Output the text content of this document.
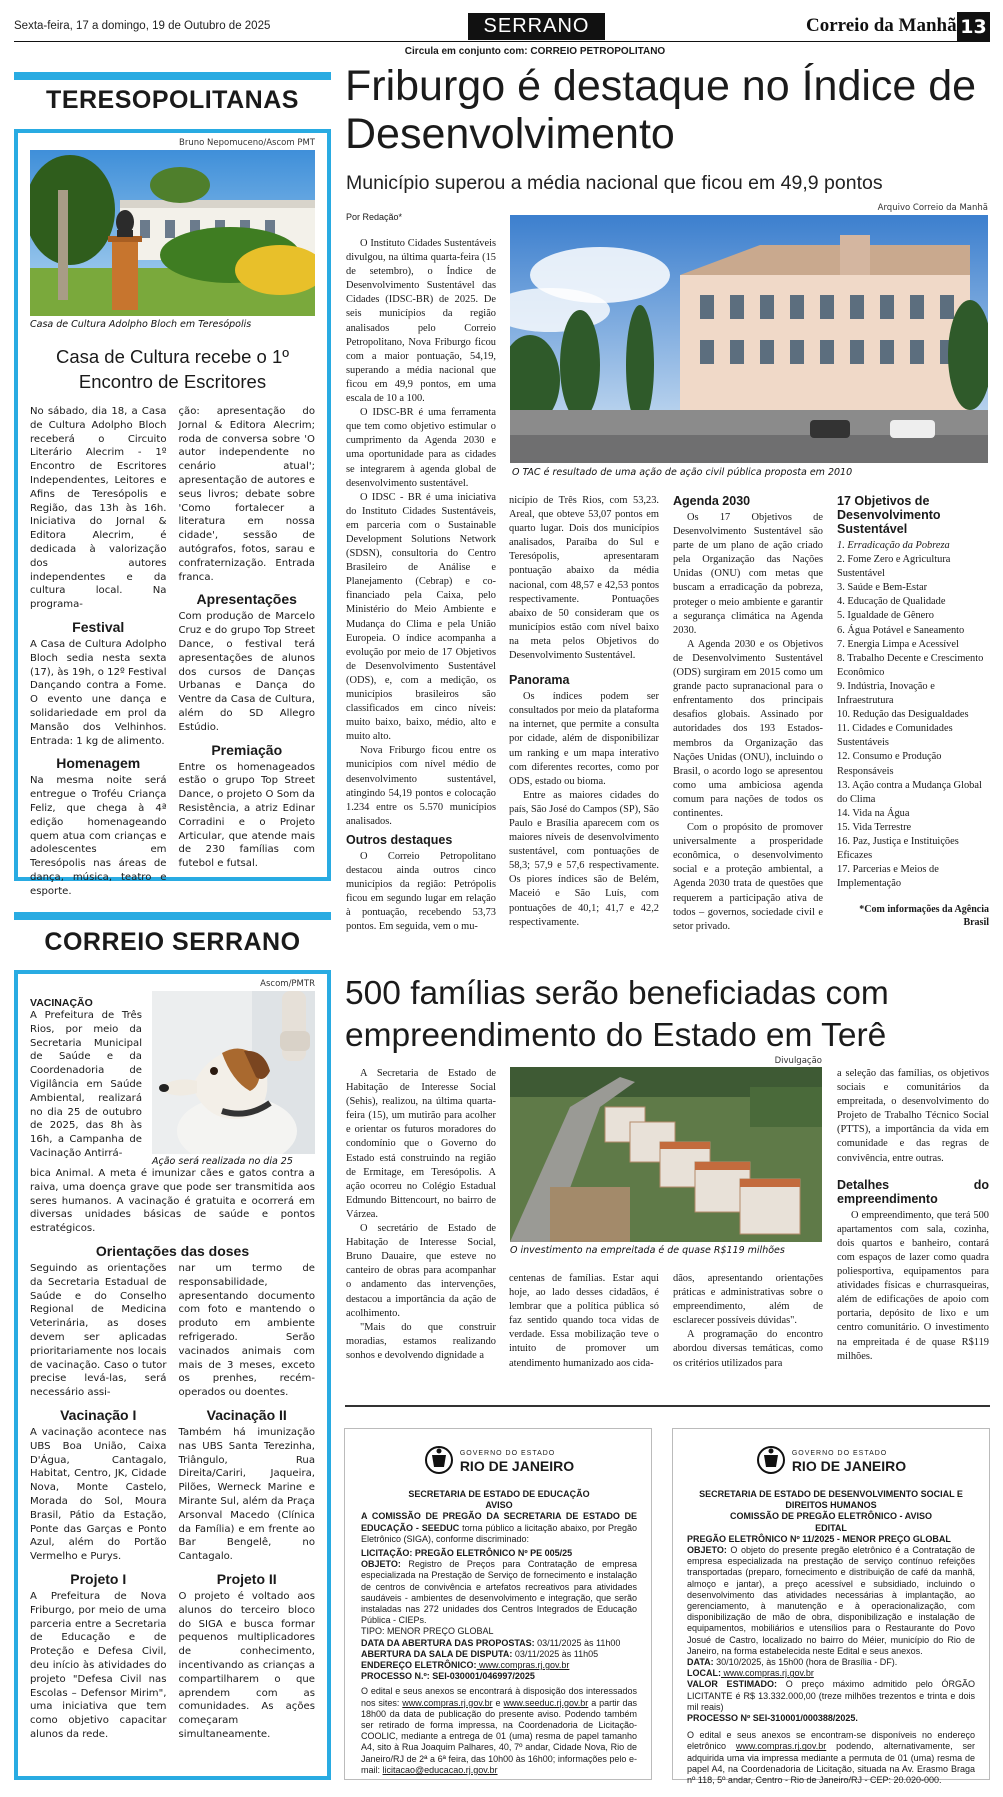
Sexta-feira, 17 a domingo, 19 de Outubro de 2025	SERRANO	Correio da Manhã 13
Circula em conjunto com: CORREIO PETROPOLITANO
TERESOPOLITANAS
Bruno Nepomuceno/Ascom PMT
Casa de Cultura Adolpho Bloch em Teresópolis
Casa de Cultura recebe o 1º Encontro de Escritores

No sábado, dia 18, a Casa de Cultura Adolpho Bloch receberá o Circuito Literário Alecrim - 1º Encontro de Escritores Independentes, Leitores e Afins de Teresópolis e Região, das 13h às 16h. Iniciativa do Jornal & Editora Alecrim, é dedicada à valorização dos autores independentes e da cultura local. Na programa-

Festival

A Casa de Cultura Adolpho Bloch sedia nesta sexta (17), às 19h, o 12º Festival Dançando contra a Fome. O evento une dança e solidariedade em prol da Mansão dos Velhinhos. Entrada: 1 kg de alimento.

Homenagem

Na mesma noite será entregue o Troféu Criança Feliz, que chega à 4ª edição homenageando quem atua com crianças e adolescentes em Teresópolis nas áreas de dança, música, teatro e esporte.

ção: apresentação do Jornal & Editora Alecrim; roda de conversa sobre 'O autor independente no cenário atual'; apresentação de autores e seus livros; debate sobre 'Como fortalecer a literatura em nossa cidade', sessão de autógrafos, fotos, sarau e confraternização. Entrada franca.

Apresentações

Com produção de Marcelo Cruz e do grupo Top Street Dance, o festival terá apresentações de alunos dos cursos de Danças Urbanas e Dança do Ventre da Casa de Cultura, além do SD Allegro Estúdio.

Premiação

Entre os homenageados estão o grupo Top Street Dance, o projeto O Som da Resistência, a atriz Edinar Corradini e o Projeto Articular, que atende mais de 230 famílias com futebol e futsal.

CORREIO SERRANO
Ascom/PMTR
VACINAÇÃO

A Prefeitura de Três Rios, por meio da Secretaria Municipal de Saúde e da Coordenadoria de Vigilância em Saúde Ambiental, realizará no dia 25 de outubro de 2025, das 8h às 16h, a Campanha de Vacinação Antirrá-

Ação será realizada no dia 25

bica Animal. A meta é imunizar cães e gatos contra a raiva, uma doença grave que pode ser transmitida aos seres humanos. A vacinação é gratuita e ocorrerá em diversas unidades básicas de saúde e pontos estratégicos.

Orientações das doses

Seguindo as orientações da Secretaria Estadual de Saúde e do Conselho Regional de Medicina Veterinária, as doses devem ser aplicadas prioritariamente nos locais de vacinação. Caso o tutor precise levá-las, será necessário assi-

Vacinação I

A vacinação acontece nas UBS Boa União, Caixa D'Água, Cantagalo, Habitat, Centro, JK, Cidade Nova, Monte Castelo, Morada do Sol, Moura Brasil, Pátio da Estação, Ponte das Garças e Ponto Azul, além do Portão Vermelho e Purys.

Projeto I

A Prefeitura de Nova Friburgo, por meio de uma parceria entre a Secretaria de Educação e de Proteção e Defesa Civil, deu início às atividades do projeto "Defesa Civil nas Escolas – Defensor Mirim", uma iniciativa que tem como objetivo capacitar alunos da rede.

nar um termo de responsabilidade, apresentando documento com foto e mantendo o produto em ambiente refrigerado. Serão vacinados animais com mais de 3 meses, exceto os prenhes, recém-operados ou doentes.

Vacinação II

Também há imunização nas UBS Santa Terezinha, Triângulo, Rua Direita/Cariri, Jaqueira, Pilões, Werneck Marine e Mirante Sul, além da Praça Arsonval Macedo (Clínica da Família) e em frente ao Bar Bengelê, no Cantagalo.

Projeto II

O projeto é voltado aos alunos do terceiro bloco do SIGA e busca formar pequenos multiplicadores de conhecimento, incentivando as crianças a compartilharem o que aprendem com as comunidades. As ações começaram simultaneamente.

Friburgo é destaque no Índice de Desenvolvimento
Município superou a média nacional que ficou em 49,9 pontos
Por Redação*
Arquivo Correio da Manhã
O TAC é resultado de uma ação de ação civil pública proposta em 2010

O Instituto Cidades Sustentáveis divulgou, na última quarta-feira (15 de setembro), o Índice de Desenvolvimento Sustentável das Cidades (IDSC-BR) de 2025. De seis municípios da região analisados pelo Correio Petropolitano, Nova Friburgo ficou com a maior pontuação, 54,19, superando a média nacional que ficou em 49,9 pontos, em uma escala de 10 a 100.

O IDSC-BR é uma ferramenta que tem como objetivo estimular o cumprimento da Agenda 2030 e uma oportunidade para as cidades se integrarem à agenda global de desenvolvimento sustentável.

O IDSC - BR é uma iniciativa do Instituto Cidades Sustentáveis, em parceria com o Sustainable Development Solutions Network (SDSN), consultoria do Centro Brasileiro de Análise e Planejamento (Cebrap) e co-financiado pela Caixa, pelo Ministério do Meio Ambiente e Mudança do Clima e pela União Europeia. O índice acompanha a evolução por meio de 17 Objetivos de Desenvolvimento Sustentável (ODS), e, com a medição, os municípios brasileiros são classificados em cinco níveis: muito baixo, baixo, médio, alto e muito alto.

Nova Friburgo ficou entre os municípios com nível médio de desenvolvimento sustentável, atingindo 54,19 pontos e colocação 1.234 entre os 5.570 municípios analisados.

Outros destaques

O Correio Petropolitano destacou ainda outros cinco municípios da região: Petrópolis ficou em segundo lugar em relação à pontuação, recebendo 53,73 pontos. Em seguida, vem o mu-

nicípio de Três Rios, com 53,23. Areal, que obteve 53,07 pontos em quarto lugar. Dois dos municípios analisados, Paraíba do Sul e Teresópolis, apresentaram pontuação abaixo da média nacional, com 48,57 e 42,53 pontos respectivamente. Pontuações abaixo de 50 consideram que os municípios estão com nível baixo na meta pelos Objetivos do Desenvolvimento Sustentável.

Panorama

Os índices podem ser consultados por meio da plataforma na internet, que permite a consulta por cidade, além de disponibilizar um ranking e um mapa interativo com diferentes recortes, como por ODS, estado ou bioma.

Entre as maiores cidades do país, São José do Campos (SP), São Paulo e Brasília aparecem com os maiores níveis de desenvolvimento sustentável, com pontuações de 58,3; 57,9 e 57,6 respectivamente. Os piores índices são de Belém, Maceió e São Luís, com pontuações de 40,1; 41,7 e 42,2 respectivamente.

Agenda 2030

Os 17 Objetivos de Desenvolvimento Sustentável são parte de um plano de ação criado pela Organização das Nações Unidas (ONU) com metas que buscam a erradicação da pobreza, proteger o meio ambiente e garantir a segurança climática na Agenda 2030.

A Agenda 2030 e os Objetivos de Desenvolvimento Sustentável (ODS) surgiram em 2015 como um grande pacto supranacional para o enfrentamento dos principais desafios globais. Assinado por autoridades dos 193 Estados-membros da Organização das Nações Unidas (ONU), incluindo o Brasil, o acordo logo se apresentou como uma ambiciosa agenda comum para nações de todos os continentes.

Com o propósito de promover universalmente a prosperidade econômica, o desenvolvimento social e a proteção ambiental, a Agenda 2030 trata de questões que requerem a participação ativa de todos – governos, sociedade civil e setor privado.

17 Objetivos de Desenvolvimento Sustentável

1. Erradicação da Pobreza

2. Fome Zero e Agricultura Sustentável

3. Saúde e Bem-Estar

4. Educação de Qualidade

5. Igualdade de Gênero

6. Água Potável e Saneamento

7. Energia Limpa e Acessível

8. Trabalho Decente e Crescimento Econômico

9. Indústria, Inovação e Infraestrutura

10. Redução das Desigualdades

11. Cidades e Comunidades Sustentáveis

12. Consumo e Produção Responsáveis

13. Ação contra a Mudança Global do Clima

14. Vida na Água

15. Vida Terrestre

16. Paz, Justiça e Instituições Eficazes

17. Parcerias e Meios de Implementação

*Com informações da Agência Brasil

500 famílias serão beneficiadas com empreendimento do Estado em Terê
Divulgação

A Secretaria de Estado de Habitação de Interesse Social (Sehis), realizou, na última quarta-feira (15), um mutirão para acolher e orientar os futuros moradores do condomínio que o Governo do Estado está construindo na região de Ermitage, em Teresópolis. A ação ocorreu no Colégio Estadual Edmundo Bittencourt, no bairro de Várzea.

O secretário de Estado de Habitação de Interesse Social, Bruno Dauaire, que esteve no canteiro de obras para acompanhar o andamento das intervenções, destacou a importância da ação de acolhimento.

"Mais do que construir moradias, estamos realizando sonhos e devolvendo dignidade a

O investimento na empreitada é de quase R$119 milhões

centenas de famílias. Estar aqui hoje, ao lado desses cidadãos, é lembrar que a política pública só faz sentido quando toca vidas de verdade. Essa mobilização teve o intuito de promover um atendimento humanizado aos cida-

dãos, apresentando orientações práticas e administrativas sobre o empreendimento, além de esclarecer possíveis dúvidas".

A programação do encontro abordou diversas temáticas, como os critérios utilizados para

a seleção das famílias, os objetivos sociais e comunitários da empreitada, o desenvolvimento do Projeto de Trabalho Técnico Social (PTTS), a importância da vida em comunidade e das regras de convivência, entre outras.

Detalhes do empreendimento

O empreendimento, que terá 500 apartamentos com sala, cozinha, dois quartos e banheiro, contará com espaços de lazer como quadra poliesportiva, equipamentos para atividades físicas e churrasqueiras, além de edificações de apoio com portaria, depósito de lixo e um centro comunitário. O investimento na empreitada é de quase R$119 milhões.

GOVERNO DO ESTADO
RIO DE JANEIRO

SECRETARIA DE ESTADO DE EDUCAÇÃO

AVISO

A COMISSÃO DE PREGÃO DA SECRETARIA DE ESTADO DE EDUCAÇÃO - SEEDUC torna público a licitação abaixo, por Pregão Eletrônico (SIGA), conforme discriminado:

LICITAÇÃO: PREGÃO ELETRÔNICO Nº PE 005/25

OBJETO: Registro de Preços para Contratação de empresa especializada na Prestação de Serviço de fornecimento e instalação de centros de convivência e artefatos recreativos para atividades saudáveis - ambientes de desenvolvimento e integração, que serão instaladas nas 272 unidades dos Centros Integrados de Educação Pública - CIEPs.

TIPO: MENOR PREÇO GLOBAL

DATA DA ABERTURA DAS PROPOSTAS: 03/11/2025 às 11h00

ABERTURA DA SALA DE DISPUTA: 03/11/2025 às 11h05

ENDEREÇO ELETRÔNICO: www.compras.rj.gov.br

PROCESSO N.º: SEI-030001/046997/2025

O edital e seus anexos se encontrará à disposição dos interessados nos sites: www.compras.rj.gov.br e www.seeduc.rj.gov.br a partir das 18h00 da data de publicação do presente aviso. Podendo também ser retirado de forma impressa, na Coordenadoria de Licitação-COOLIC, mediante a entrega de 01 (uma) resma de papel tamanho A4, sito à Rua Joaquim Palhares, 40, 7º andar, Cidade Nova, Rio de Janeiro/RJ de 2ª a 6ª feira, das 10h00 às 16h00; informações pelo e-mail: licitacao@educacao.rj.gov.br

GOVERNO DO ESTADO
RIO DE JANEIRO

SECRETARIA DE ESTADO DE DESENVOLVIMENTO SOCIAL E DIREITOS HUMANOS

COMISSÃO DE PREGÃO ELETRÔNICO - AVISO

EDITAL

PREGÃO ELETRÔNICO Nº 11/2025 - MENOR PREÇO GLOBAL

OBJETO: O objeto do presente pregão eletrônico é a Contratação de empresa especializada na prestação de serviço contínuo refeições transportadas (preparo, fornecimento e distribuição de café da manhã, almoço e jantar), a preço acessível e subsidiado, incluindo o desenvolvimento das atividades necessárias à implantação, ao gerenciamento, à manutenção e à operacionalização, com disponibilização de mão de obra, disponibilização e instalação de equipamentos, mobiliários e utensílios para o Restaurante do Povo Josué de Castro, localizado no bairro do Méier, município do Rio de Janeiro, na forma estabelecida neste Edital e seus anexos.

DATA: 30/10/2025, às 15h00 (hora de Brasília - DF).

LOCAL: www.compras.rj.gov.br

VALOR ESTIMADO: O preço máximo admitido pelo ÓRGÃO LICITANTE é R$ 13.332.000,00 (treze milhões trezentos e trinta e dois mil reais)

PROCESSO Nº SEI-310001/000388/2025.

O edital e seus anexos se encontram-se disponíveis no endereço eletrônico www.compras.rj.gov.br podendo, alternativamente, ser adquirida uma via impressa mediante a permuta de 01 (uma) resma de papel A4, na Coordenadoria de Licitação, situada na Av. Erasmo Braga nº 118, 5º andar, Centro - Rio de Janeiro/RJ - CEP: 20.020-000.
